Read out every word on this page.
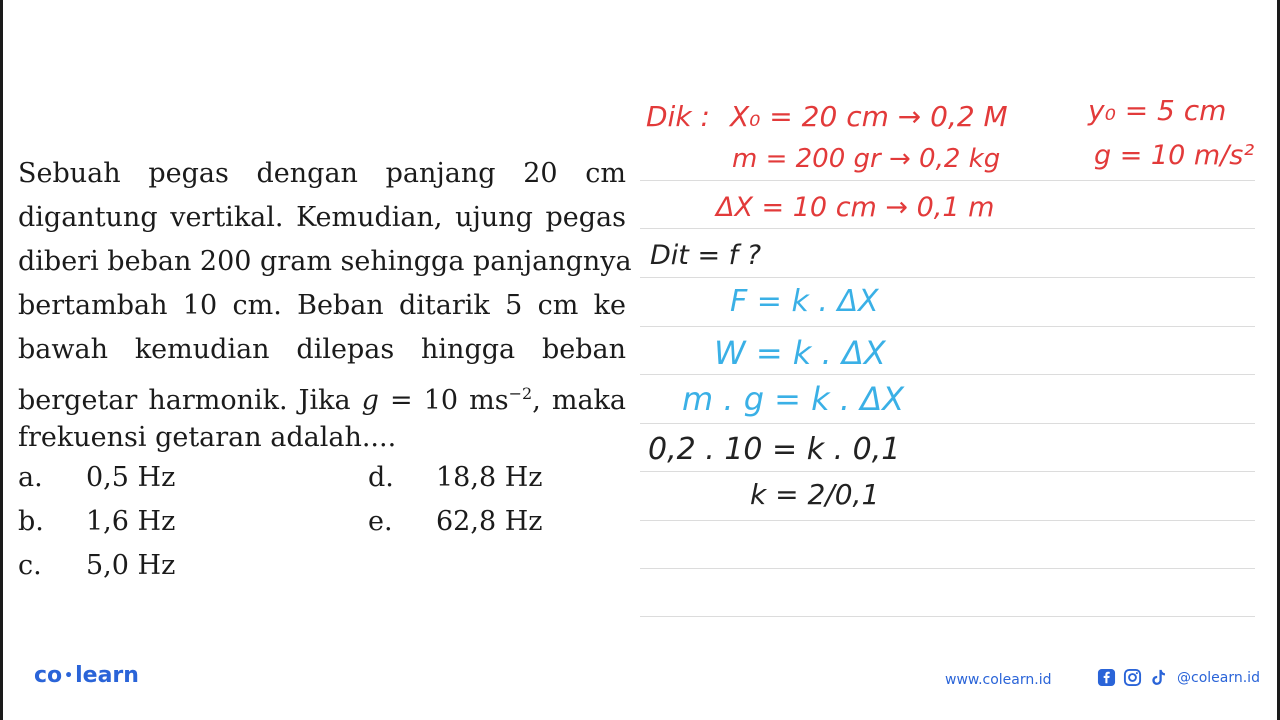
Sebuah pegas dengan panjang 20 cm
digantung vertikal. Kemudian, ujung pegas
diberi beban 200 gram sehingga panjangnya
bertambah 10 cm. Beban ditarik 5 cm ke
bawah kemudian dilepas hingga beban
bergetar harmonik. Jika g = 10 $ms^{-2}$, maka
frekuensi getaran adalah....
a. 0,5 Hz
b. 1,6 Hz
c. 5,0 Hz
d. 18,8 Hz
e. 62,8 Hz
Dik : X₀ = 20 cm → 0,2 M	y₀ = 5 cm
m = 200 gr → 0,2 kg	g = 10 m/s²
ΔX = 10 cm → 0,1 m
Dit = f ?
F = k . ΔX
W = k . ΔX
m . g = k . ΔX
0,2 . 10 = k . 0,1
k = 2/0,1
co •learn	www.colearn.id	@colearn.id
